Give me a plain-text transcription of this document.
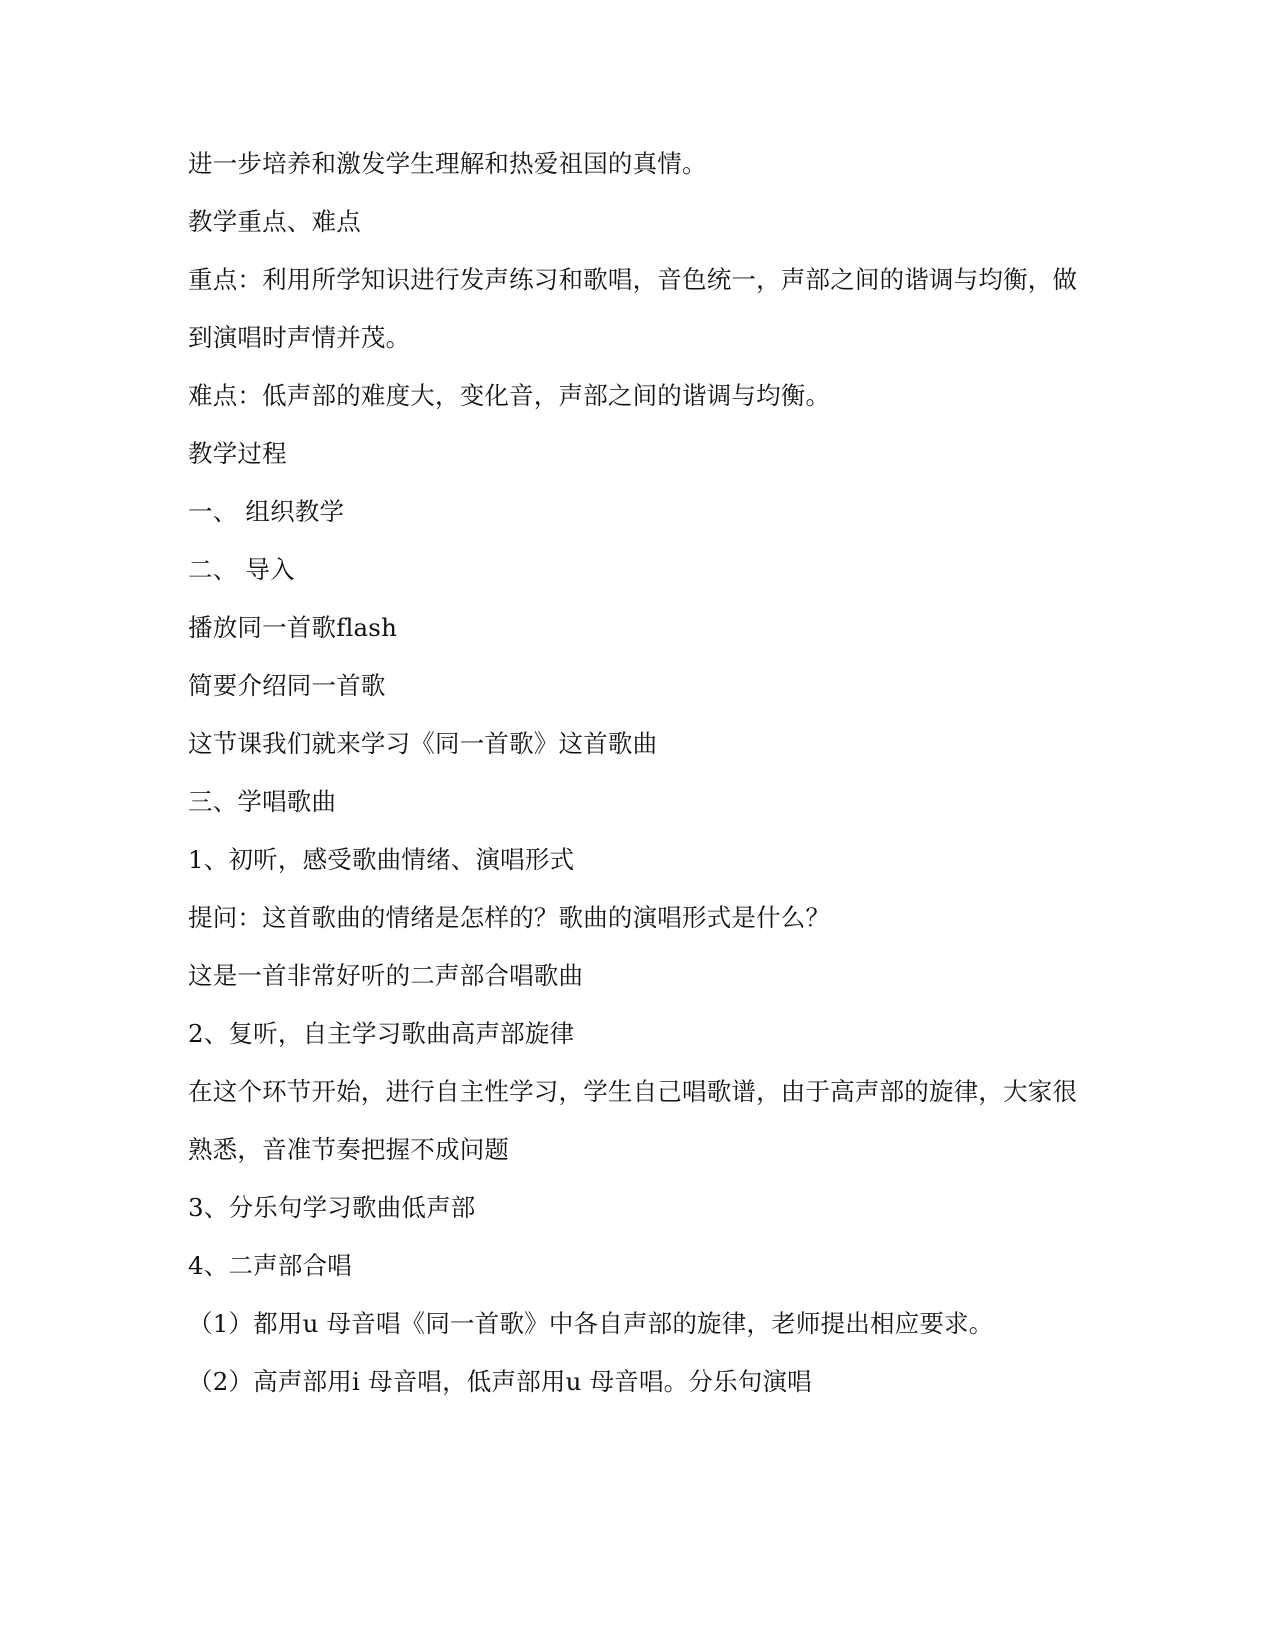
进一步培养和激发学生理解和热爱祖国的真情。

教学重点、难点

重点：利用所学知识进行发声练习和歌唱，音色统一，声部之间的谐调与均衡，做

到演唱时声情并茂。

难点：低声部的难度大，变化音，声部之间的谐调与均衡。

教学过程

一、 组织教学

二、 导入

播放同一首歌flash

简要介绍同一首歌

这节课我们就来学习《同一首歌》这首歌曲

三、学唱歌曲

1、初听，感受歌曲情绪、演唱形式

提问：这首歌曲的情绪是怎样的？歌曲的演唱形式是什么？

这是一首非常好听的二声部合唱歌曲

2、复听，自主学习歌曲高声部旋律

在这个环节开始，进行自主性学习，学生自己唱歌谱，由于高声部的旋律，大家很

熟悉，音准节奏把握不成问题

3、分乐句学习歌曲低声部

4、二声部合唱

（1）都用u 母音唱《同一首歌》中各自声部的旋律，老师提出相应要求。

（2）高声部用i 母音唱，低声部用u 母音唱。分乐句演唱
